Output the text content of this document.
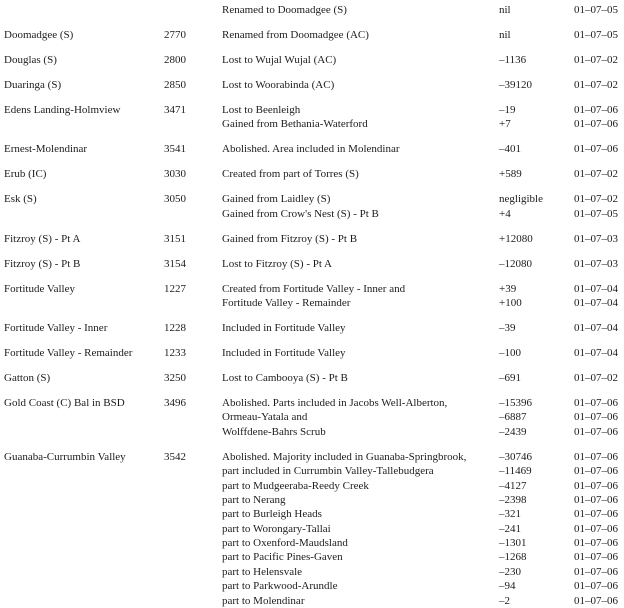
Renamed to Doomadgee (S)	nil	01–07–05
Doomadgee (S)	2770	Renamed from Doomadgee (AC)	nil	01–07–05
Douglas (S)	2800	Lost to Wujal Wujal (AC)	–1136	01–07–02
Duaringa (S)	2850	Lost to Woorabinda (AC)	–39120	01–07–02
Edens Landing-Holmview	3471	Lost to Beenleigh	–19	01–07–06
Gained from Bethania-Waterford	+7	01–07–06
Ernest-Molendinar	3541	Abolished. Area included in Molendinar	–401	01–07–06
Erub (IC)	3030	Created from part of Torres (S)	+589	01–07–02
Esk (S)	3050	Gained from Laidley (S)	negligible	01–07–02
Gained from Crow's Nest (S) - Pt B	+4	01–07–05
Fitzroy (S) - Pt A	3151	Gained from Fitzroy (S) - Pt B	+12080	01–07–03
Fitzroy (S) - Pt B	3154	Lost to Fitzroy (S) - Pt A	–12080	01–07–03
Fortitude Valley	1227	Created from Fortitude Valley - Inner and	+39	01–07–04
Fortitude Valley - Remainder	+100	01–07–04
Fortitude Valley - Inner	1228	Included in Fortitude Valley	–39	01–07–04
Fortitude Valley - Remainder	1233	Included in Fortitude Valley	–100	01–07–04
Gatton (S)	3250	Lost to Cambooya (S) - Pt B	–691	01–07–02
Gold Coast (C) Bal in BSD	3496	Abolished. Parts included in Jacobs Well-Alberton,	–15396	01–07–06
Ormeau-Yatala and	–6887	01–07–06
Wolffdene-Bahrs Scrub	–2439	01–07–06
Guanaba-Currumbin Valley	3542	Abolished. Majority included in Guanaba-Springbrook,	–30746	01–07–06
part included in Currumbin Valley-Tallebudgera	–11469	01–07–06
part to Mudgeeraba-Reedy Creek	–4127	01–07–06
part to Nerang	–2398	01–07–06
part to Burleigh Heads	–321	01–07–06
part to Worongary-Tallai	–241	01–07–06
part to Oxenford-Maudsland	–1301	01–07–06
part to Pacific Pines-Gaven	–1268	01–07–06
part to Helensvale	–230	01–07–06
part to Parkwood-Arundle	–94	01–07–06
part to Molendinar	–2	01–07–06
